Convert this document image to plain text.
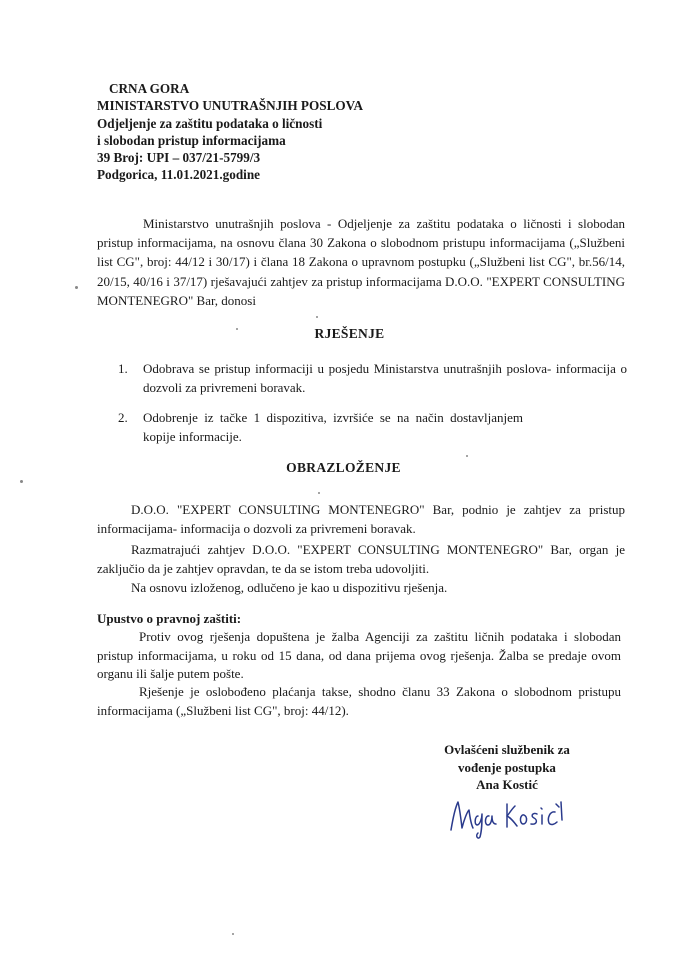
CRNA GORA
MINISTARSTVO UNUTRAŠNJIH POSLOVA
Odjeljenje za zaštitu podataka o ličnosti
i slobodan pristup informacijama
39 Broj: UPI – 037/21-5799/3
Podgorica, 11.01.2021.godine
Ministarstvo unutrašnjih poslova - Odjeljenje za zaštitu podataka o ličnosti i slobodan pristup informacijama, na osnovu člana 30 Zakona o slobodnom pristupu informacijama („Službeni list CG", broj: 44/12 i 30/17) i člana 18 Zakona o upravnom postupku („Službeni list CG", br.56/14, 20/15, 40/16 i 37/17) rješavajući zahtjev za pristup informacijama D.O.O. "EXPERT CONSULTING MONTENEGRO" Bar, donosi
RJEŠENJE
1. Odobrava se pristup informaciji u posjedu Ministarstva unutrašnjih poslova- informacija o dozvoli za privremeni boravak.
2. Odobrenje iz tačke 1 dispozitiva, izvršiće se na način dostavljanjem kopije informacije.
OBRAZLOŽENJE
D.O.O. "EXPERT CONSULTING MONTENEGRO" Bar, podnio je zahtjev za pristup informacijama- informacija o dozvoli za privremeni boravak.
Razmatrajući zahtjev D.O.O. "EXPERT CONSULTING MONTENEGRO" Bar, organ je zaključio da je zahtjev opravdan, te da se istom treba udovoljiti.
Na osnovu izloženog, odlučeno je kao u dispozitivu rješenja.
Upustvo o pravnoj zaštiti:
Protiv ovog rješenja dopuštena je žalba Agenciji za zaštitu ličnih podataka i slobodan pristup informacijama, u roku od 15 dana, od dana prijema ovog rješenja. Žalba se predaje ovom organu ili šalje putem pošte.
Rješenje je oslobođeno plaćanja takse, shodno članu 33 Zakona o slobodnom pristupu informacijama („Službeni list CG", broj: 44/12).
Ovlašćeni službenik za
vođenje postupka
Ana Kostić
